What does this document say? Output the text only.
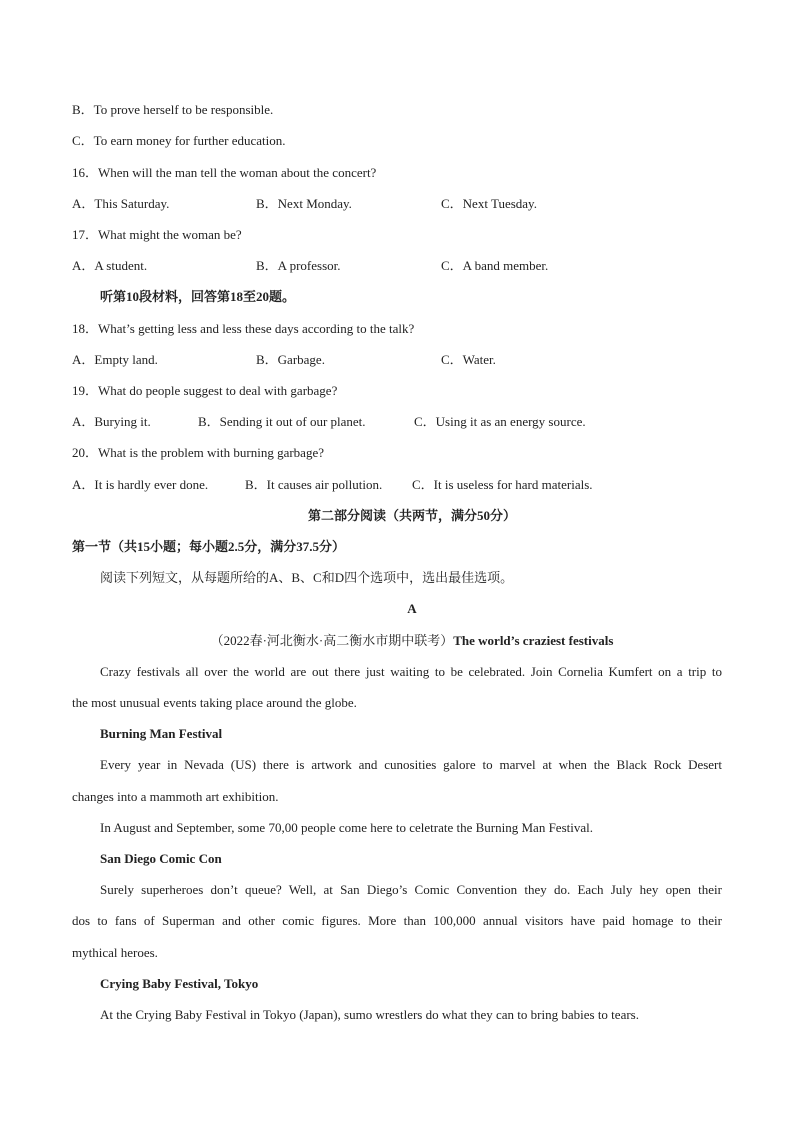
B．To prove herself to be responsible.
C．To earn money for further education.
16．When will the man tell the woman about the concert?
A．This Saturday.	B．Next Monday.	C．Next Tuesday.
17．What might the woman be?
A．A student.	B．A professor.	C．A band member.
听第10段材料，回答第18至20题。
18．What’s getting less and less these days according to the talk?
A．Empty land.	B．Garbage.	C．Water.
19．What do people suggest to deal with garbage?
A．Burying it.	B．Sending it out of our planet.	C．Using it as an energy source.
20．What is the problem with burning garbage?
A．It is hardly ever done.	B．It causes air pollution. C．It is useless for hard materials.
第二部分阅读（共两节，满分50分）
第一节（共15小题；每小题2.5分，满分37.5分）
阅读下列短文，从每题所给的A、B、C和D四个选项中，选出最佳选项。
A
（2022春·河北衡水·高二衡水市期中联考）The world’s craziest festivals
Crazy festivals all over the world are out there just waiting to be celebrated. Join Cornelia Kumfert on a trip to
the most unusual events taking place around the globe.
Burning Man Festival
Every year in Nevada (US) there is artwork and cunosities galore to marvel at when the Black Rock Desert
changes into a mammoth art exhibition.
In August and September, some 70,00 people come here to celetrate the Burning Man Festival.
San Diego Comic Con
Surely superheroes don’t queue? Well, at San Diego’s Comic Convention they do. Each July hey open their
dos to fans of Superman and other comic figures. More than 100,000 annual visitors have paid homage to their
mythical heroes.
Crying Baby Festival, Tokyo
At the Crying Baby Festival in Tokyo (Japan), sumo wrestlers do what they can to bring babies to tears.
